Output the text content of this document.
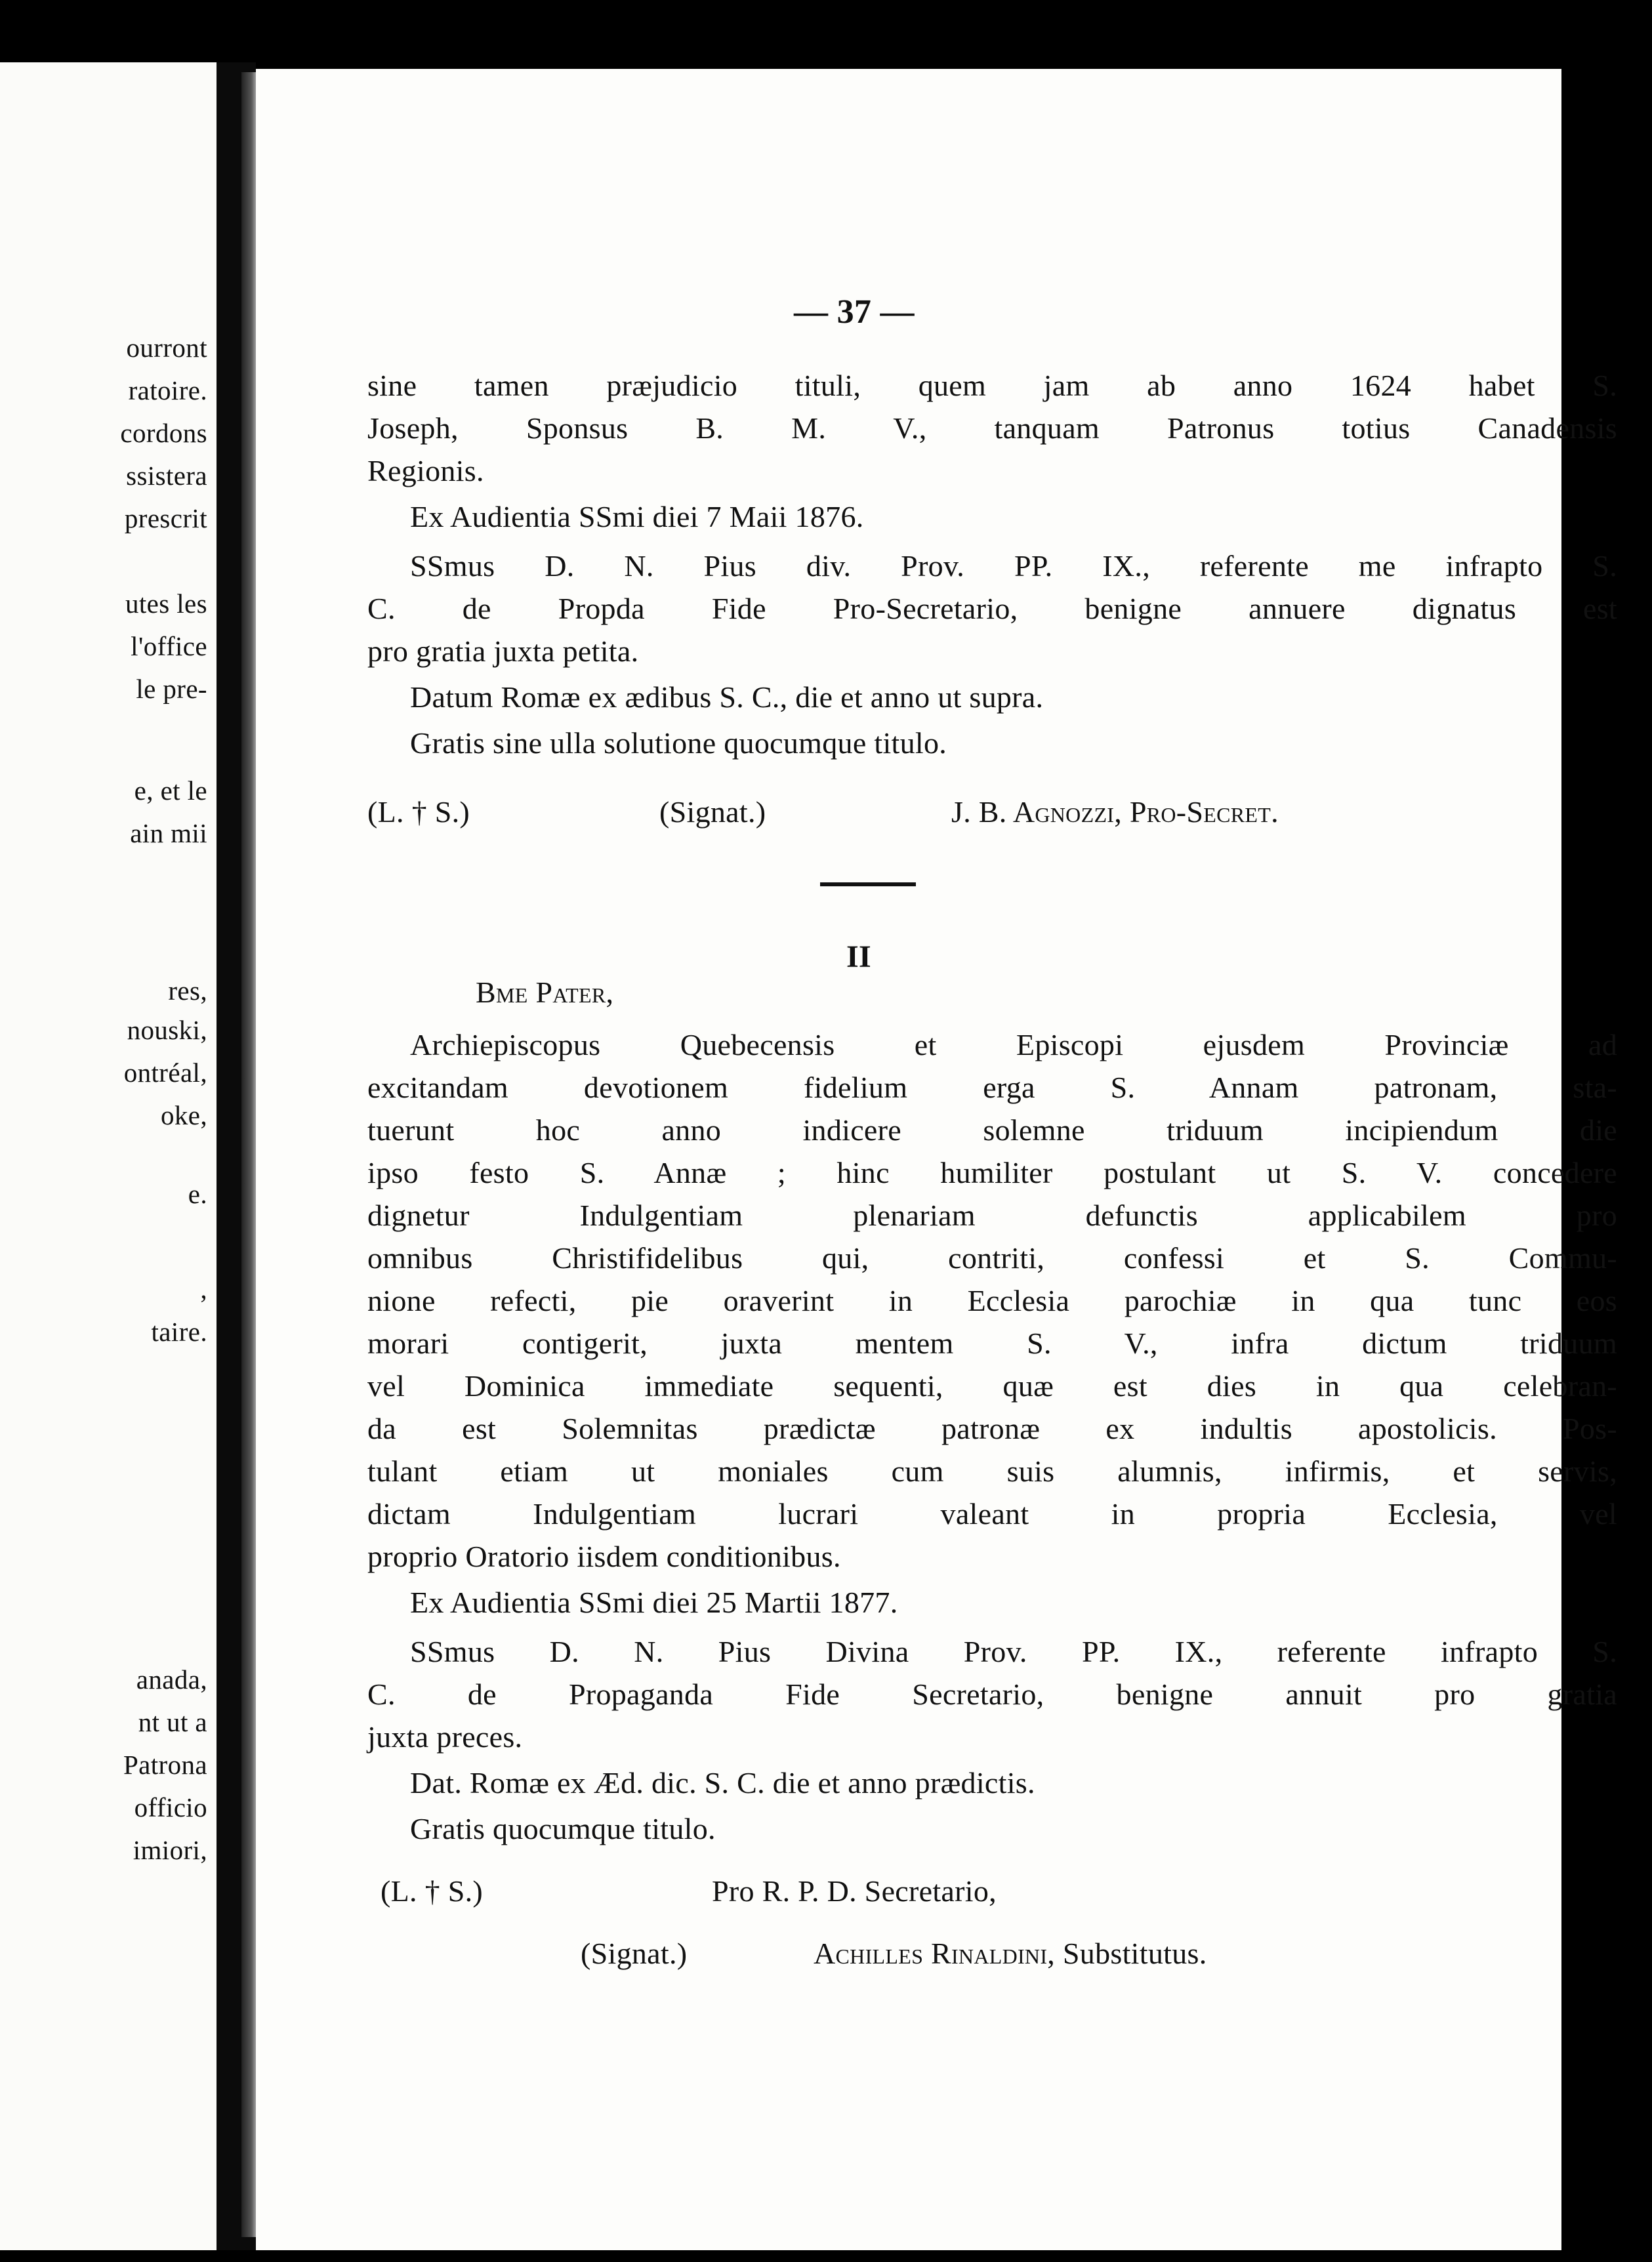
ourront
ratoire.
cordons
ssistera
prescrit
utes les
l'office
le pre-
e, et le
ain mii
res,
nouski,
ontréal,
oke,
e.
,
taire.
anada,
nt ut a
Patrona
officio
imiori,
— 37 —
sine tamen præjudicio tituli, quem jam ab anno 1624 habet S.
Joseph, Sponsus B. M. V., tanquam Patronus totius Canadensis
Regionis.
Ex Audientia SSmi diei 7 Maii 1876.
SSmus D. N. Pius div. Prov. PP. IX., referente me infrapto S.
C. de Propda Fide Pro-Secretario, benigne annuere dignatus est
pro gratia juxta petita.
Datum Romæ ex ædibus S. C., die et anno ut supra.
Gratis sine ulla solutione quocumque titulo.
(L. † S.)	(Signat.)	J. B. Agnozzi, Pro-Secret.
II
Bme Pater,
Archiepiscopus Quebecensis et Episcopi ejusdem Provinciæ ad
excitandam devotionem fidelium erga S. Annam patronam, sta-
tuerunt hoc anno indicere solemne triduum incipiendum die
ipso festo S. Annæ ; hinc humiliter postulant ut S. V. concedere
dignetur Indulgentiam plenariam defunctis applicabilem pro
omnibus Christifidelibus qui, contriti, confessi et S. Commu-
nione refecti, pie oraverint in Ecclesia parochiæ in qua tunc eos
morari contigerit, juxta mentem S. V., infra dictum triduum
vel Dominica immediate sequenti, quæ est dies in qua celebran-
da est Solemnitas prædictæ patronæ ex indultis apostolicis. Pos-
tulant etiam ut moniales cum suis alumnis, infirmis, et servis,
dictam Indulgentiam lucrari valeant in propria Ecclesia, vel
proprio Oratorio iisdem conditionibus.
Ex Audientia SSmi diei 25 Martii 1877.
SSmus D. N. Pius Divina Prov. PP. IX., referente infrapto S.
C. de Propaganda Fide Secretario, benigne annuit pro gratia
juxta preces.
Dat. Romæ ex Æd. dic. S. C. die et anno prædictis.
Gratis quocumque titulo.
(L. † S.)	Pro R. P. D. Secretario,
(Signat.)	Achilles Rinaldini, Substitutus.
